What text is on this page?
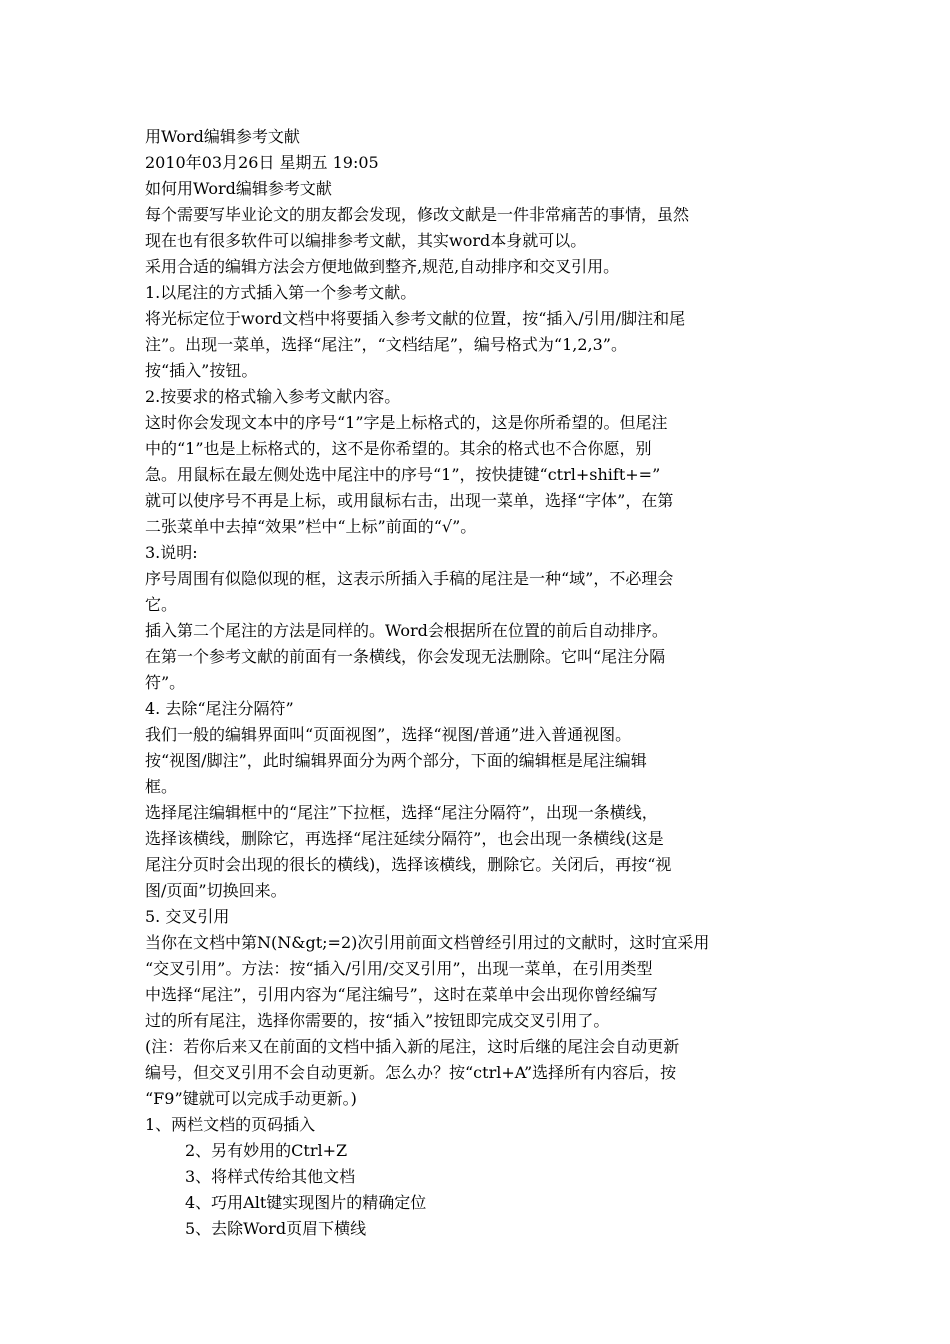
用Word编辑参考文献

2010年03月26日 星期五 19:05

如何用Word编辑参考文献

每个需要写毕业论文的朋友都会发现，修改文献是一件非常痛苦的事情，虽然

现在也有很多软件可以编排参考文献，其实word本身就可以。

采用合适的编辑方法会方便地做到整齐,规范,自动排序和交叉引用。

1.以尾注的方式插入第一个参考文献。

将光标定位于word文档中将要插入参考文献的位置，按“插入/引用/脚注和尾

注”。出现一菜单，选择“尾注”，“文档结尾”，编号格式为“1,2,3”。

按“插入”按钮。

2.按要求的格式输入参考文献内容。

这时你会发现文本中的序号“1”字是上标格式的，这是你所希望的。但尾注

中的“1”也是上标格式的，这不是你希望的。其余的格式也不合你愿，别

急。用鼠标在最左侧处选中尾注中的序号“1”，按快捷键“ctrl+shift+=”

就可以使序号不再是上标，或用鼠标右击，出现一菜单，选择“字体”，在第

二张菜单中去掉“效果”栏中“上标”前面的“√”。

3.说明:

序号周围有似隐似现的框，这表示所插入手稿的尾注是一种“域”，不必理会

它。

插入第二个尾注的方法是同样的。Word会根据所在位置的前后自动排序。

在第一个参考文献的前面有一条横线，你会发现无法删除。它叫“尾注分隔

符”。

4. 去除“尾注分隔符”

我们一般的编辑界面叫“页面视图”，选择“视图/普通”进入普通视图。

按“视图/脚注”，此时编辑界面分为两个部分，下面的编辑框是尾注编辑

框。

选择尾注编辑框中的“尾注”下拉框，选择“尾注分隔符”，出现一条横线，

选择该横线，删除它，再选择“尾注延续分隔符”，也会出现一条横线(这是

尾注分页时会出现的很长的横线)，选择该横线，删除它。关闭后，再按“视

图/页面”切换回来。

5. 交叉引用

当你在文档中第N(N&gt;=2)次引用前面文档曾经引用过的文献时，这时宜采用

“交叉引用”。方法：按“插入/引用/交叉引用”，出现一菜单，在引用类型

中选择“尾注”，引用内容为“尾注编号”，这时在菜单中会出现你曾经编写

过的所有尾注，选择你需要的，按“插入”按钮即完成交叉引用了。

(注：若你后来又在前面的文档中插入新的尾注，这时后继的尾注会自动更新

编号，但交叉引用不会自动更新。怎么办？按“ctrl+A”选择所有内容后，按

“F9”键就可以完成手动更新。)

1、两栏文档的页码插入

2、另有妙用的Ctrl+Z

3、将样式传给其他文档

4、巧用Alt键实现图片的精确定位

5、去除Word页眉下横线
